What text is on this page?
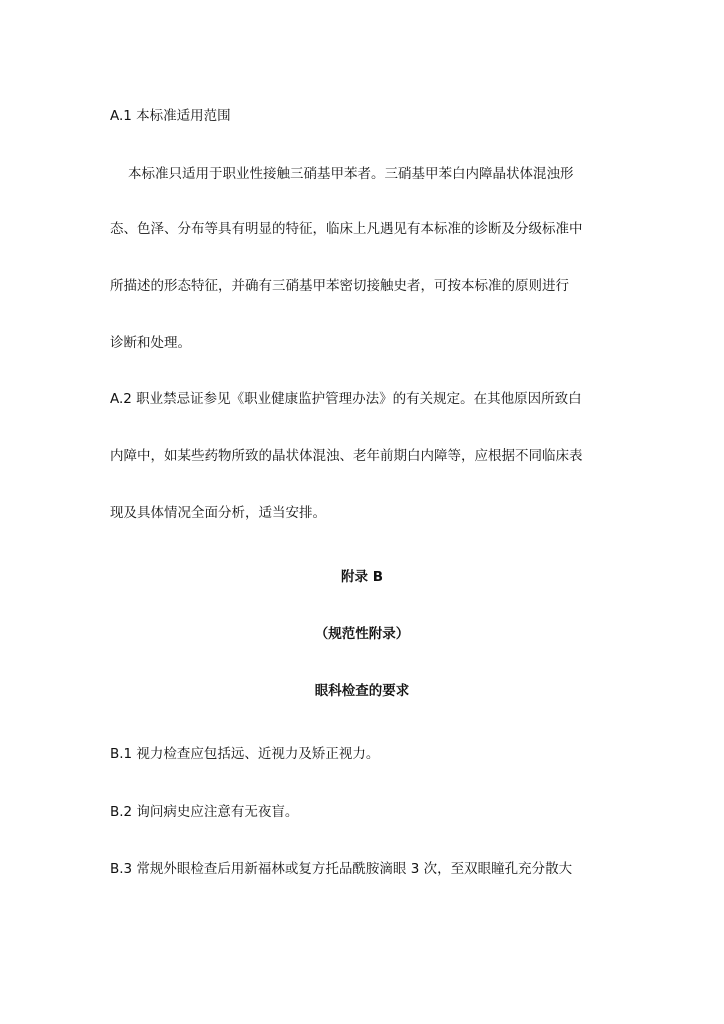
A.1 本标准适用范围
本标准只适用于职业性接触三硝基甲苯者。三硝基甲苯白内障晶状体混浊形
态、色泽、分布等具有明显的特征，临床上凡遇见有本标准的诊断及分级标准中
所描述的形态特征，并确有三硝基甲苯密切接触史者，可按本标准的原则进行
诊断和处理。
A.2 职业禁忌证参见《职业健康监护管理办法》的有关规定。在其他原因所致白
内障中，如某些药物所致的晶状体混浊、老年前期白内障等，应根据不同临床表
现及具体情况全面分析，适当安排。
附录 B
（规范性附录）
眼科检查的要求
B.1 视力检查应包括远、近视力及矫正视力。
B.2 询问病史应注意有无夜盲。
B.3 常规外眼检查后用新福林或复方托品酰胺滴眼 3 次，至双眼瞳孔充分散大
